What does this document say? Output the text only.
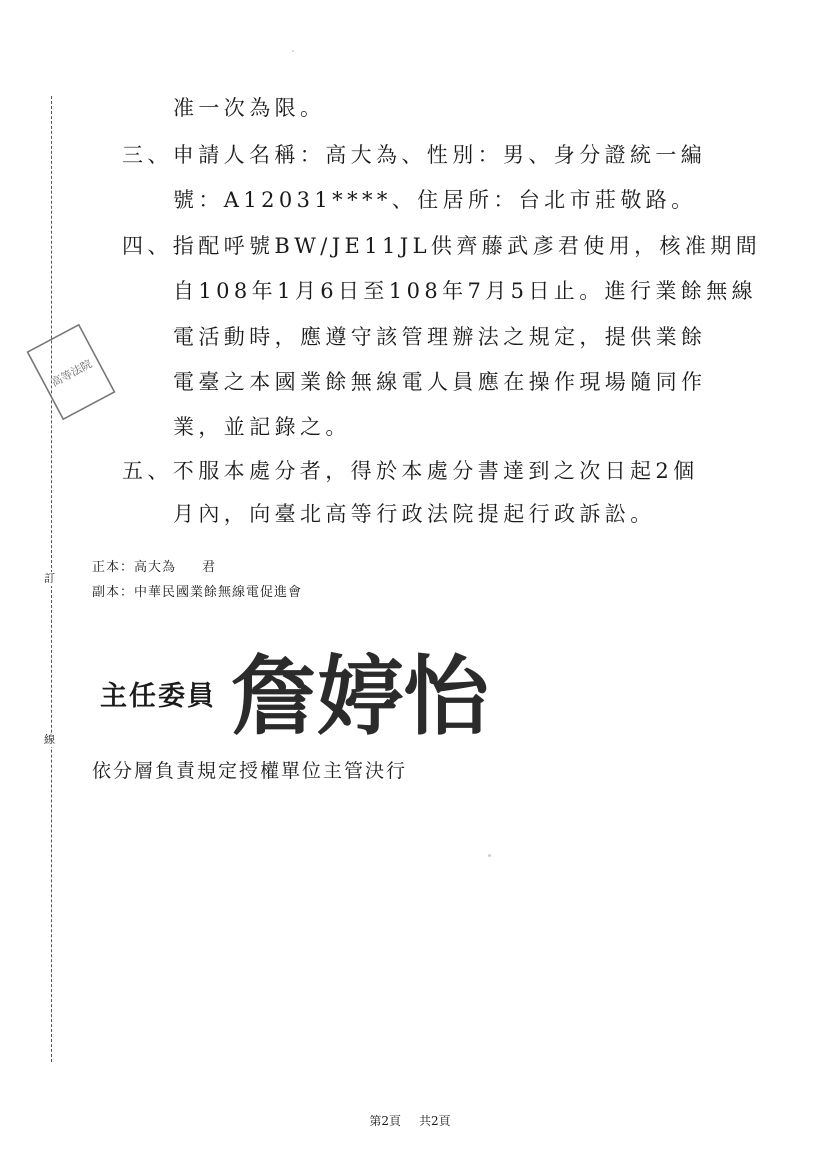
訂
線
高等法院
准一次為限。
三、申請人名稱：高大為、性別：男、身分證統一編
號：A12031****、住居所：台北市莊敬路。
四、指配呼號BW/JE11JL供齊藤武彥君使用，核准期間
自108年1月6日至108年7月5日止。進行業餘無線
電活動時，應遵守該管理辦法之規定，提供業餘
電臺之本國業餘無線電人員應在操作現場隨同作
業，並記錄之。
五、不服本處分者，得於本處分書達到之次日起2個
月內，向臺北高等行政法院提起行政訴訟。
正本：高大為 君
副本：中華民國業餘無線電促進會
主任委員 詹婷怡
依分層負責規定授權單位主管決行
第2頁 共2頁
